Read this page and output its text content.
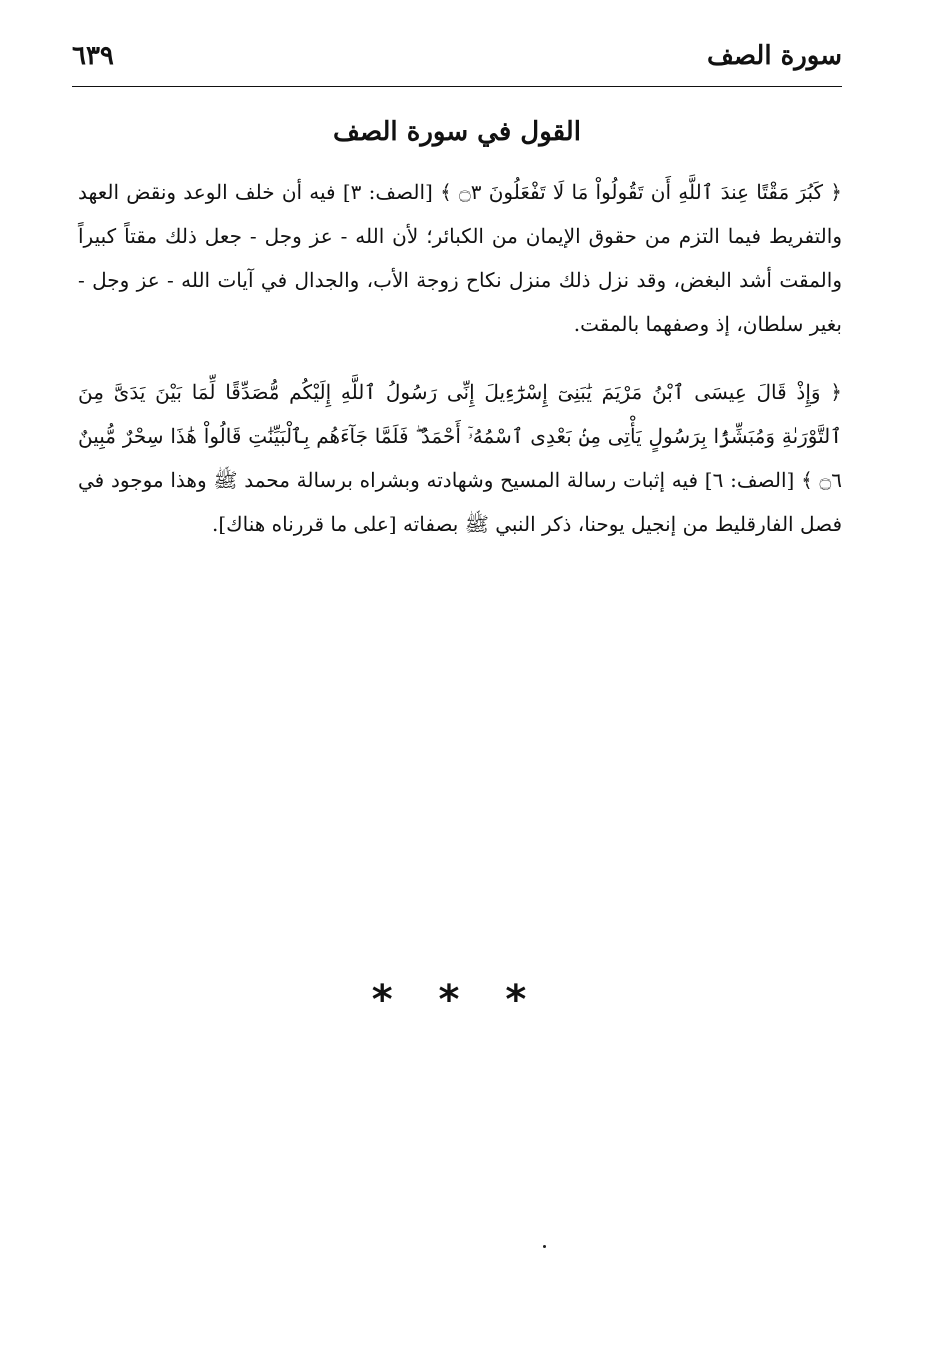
سورة الصف
٦٣٩
القول في سورة الصف

﴿ كَبُرَ مَقْتًا عِندَ ٱللَّهِ أَن تَقُولُواْ مَا لَا تَفْعَلُونَ ۝٣ ﴾ [الصف: ٣] فيه أن خلف الوعد ونقض العهد والتفريط فيما التزم من حقوق الإيمان من الكبائر؛ لأن الله - عز وجل - جعل ذلك مقتاً كبيراً والمقت أشد البغض، وقد نزل ذلك منزل نكاح زوجة الأب، والجدال في آيات الله - عز وجل - بغير سلطان، إذ وصفهما بالمقت.

﴿ وَإِذْ قَالَ عِيسَى ٱبْنُ مَرْيَمَ يَٰبَنِىٓ إِسْرَٰٓءِيلَ إِنِّى رَسُولُ ٱللَّهِ إِلَيْكُم مُّصَدِّقًا لِّمَا بَيْنَ يَدَىَّ مِنَ ٱلتَّوْرَىٰةِ وَمُبَشِّرًۢا بِرَسُولٍ يَأْتِى مِنۢ بَعْدِى ٱسْمُهُۥٓ أَحْمَدُ ۖ فَلَمَّا جَآءَهُم بِٱلْبَيِّنَٰتِ قَالُواْ هَٰذَا سِحْرٌ مُّبِينٌ ۝٦ ﴾ [الصف: ٦] فيه إثبات رسالة المسيح وشهادته وبشراه برسالة محمد ﷺ وهذا موجود في فصل الفارقليط من إنجيل يوحنا، ذكر النبي ﷺ بصفاته [على ما قررناه هناك].

* * *
